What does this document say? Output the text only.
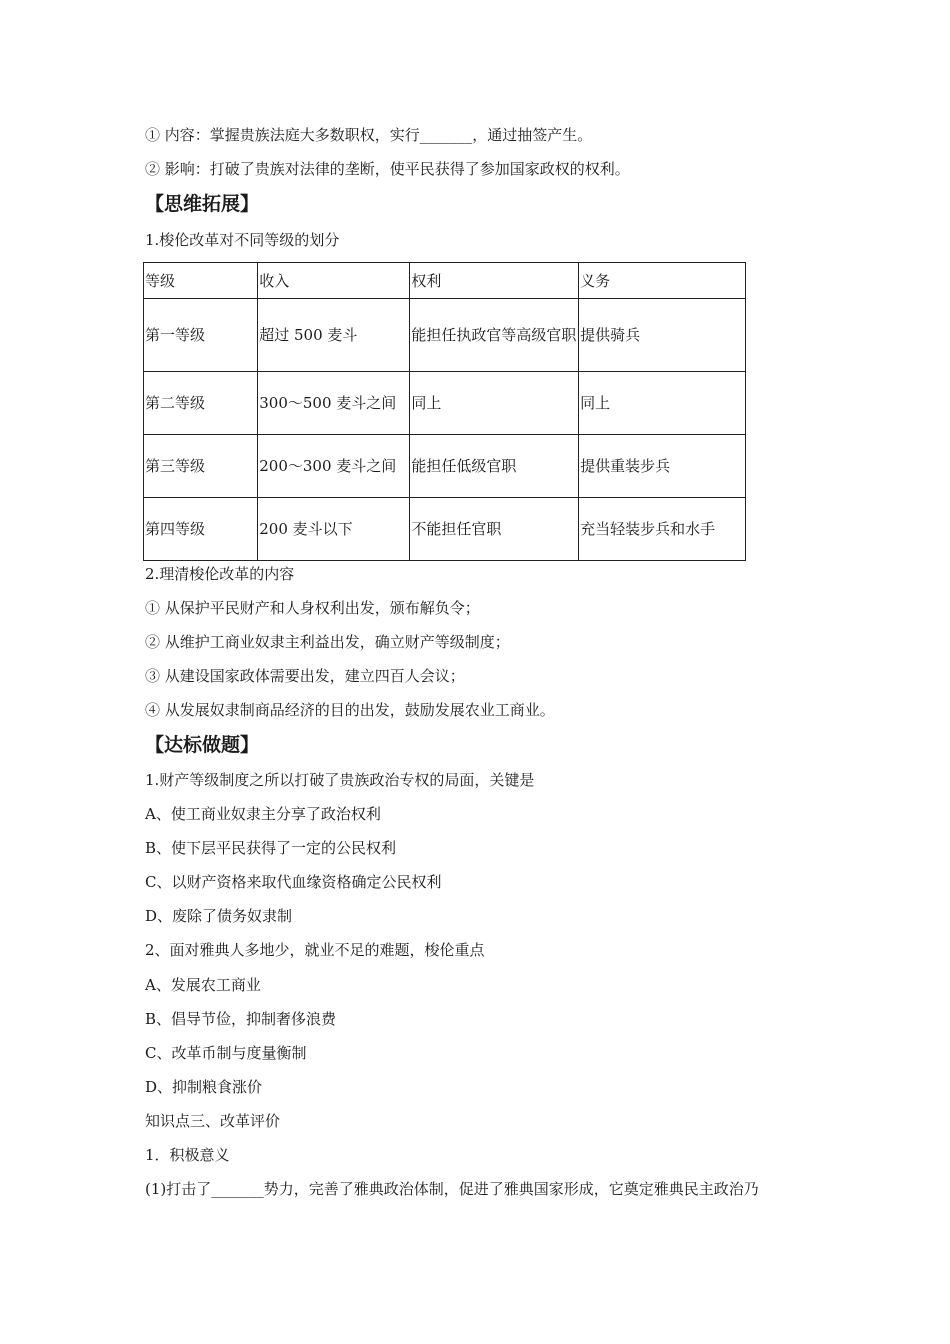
① 内容：掌握贵族法庭大多数职权，实行_______，通过抽签产生。
② 影响：打破了贵族对法律的垄断，使平民获得了参加国家政权的权利。
【思维拓展】
1.梭伦改革对不同等级的划分
等级	收入	权利	义务
第一等级	超过 500 麦斗	能担任执政官等高级官职	提供骑兵
第二等级	300～500 麦斗之间	同上	同上
第三等级	200～300 麦斗之间	能担任低级官职	提供重装步兵
第四等级	200 麦斗以下	不能担任官职	充当轻装步兵和水手
2.理清梭伦改革的内容
① 从保护平民财产和人身权利出发，颁布解负令；
② 从维护工商业奴隶主利益出发，确立财产等级制度；
③ 从建设国家政体需要出发，建立四百人会议；
④ 从发展奴隶制商品经济的目的出发，鼓励发展农业工商业。
【达标做题】
1.财产等级制度之所以打破了贵族政治专权的局面，关键是
A、使工商业奴隶主分享了政治权利
B、使下层平民获得了一定的公民权利
C、以财产资格来取代血缘资格确定公民权利
D、废除了债务奴隶制
2、面对雅典人多地少，就业不足的难题，梭伦重点
A、发展农工商业
B、倡导节俭，抑制奢侈浪费
C、改革币制与度量衡制
D、抑制粮食涨价
知识点三、改革评价
1．积极意义
(1)打击了_______势力，完善了雅典政治体制，促进了雅典国家形成，它奠定雅典民主政治乃
